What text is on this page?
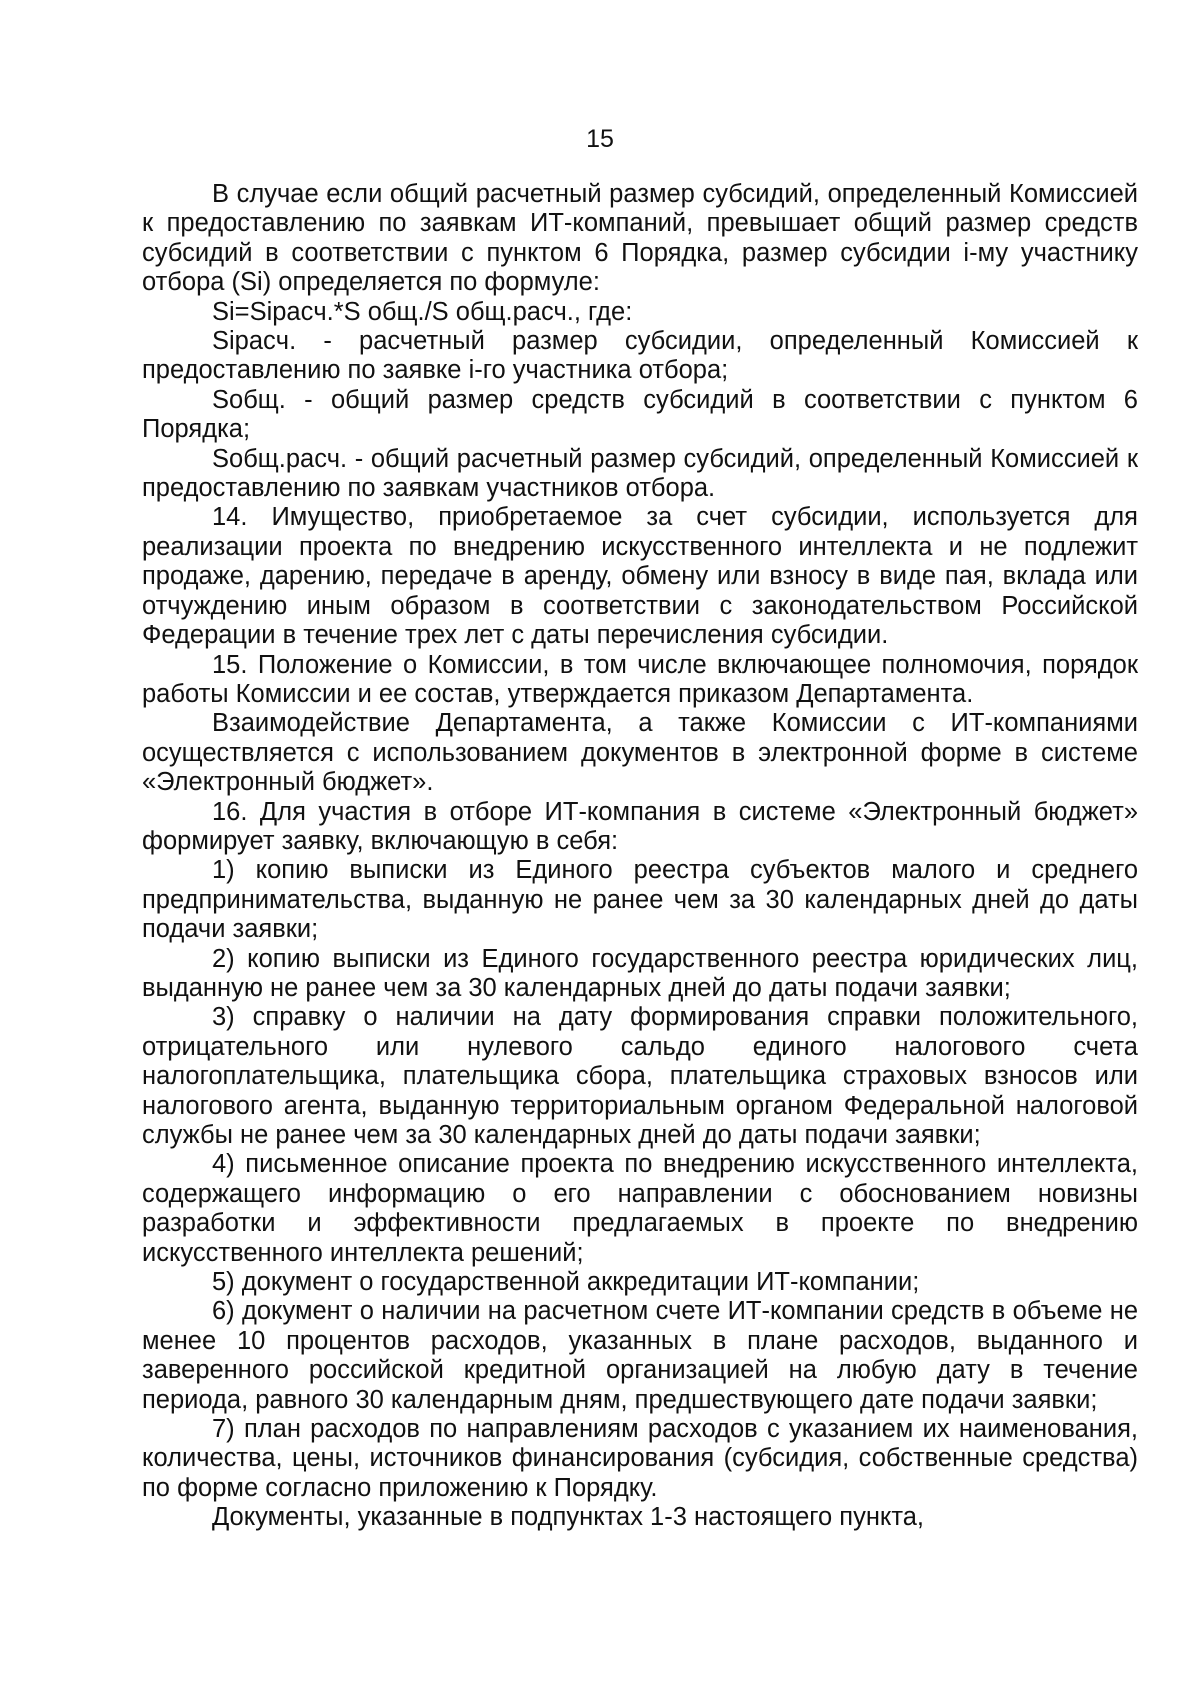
15

В случае если общий расчетный размер субсидий, определенный Комиссией к предоставлению по заявкам ИТ-компаний, превышает общий размер средств субсидий в соответствии с пунктом 6 Порядка, размер субсидии i-му участнику отбора (Si) определяется по формуле:

Si=Sipacч.*S общ./S общ.расч., где:

Sipacч. - расчетный размер субсидии, определенный Комиссией к предоставлению по заявке i-го участника отбора;

Sобщ. - общий размер средств субсидий в соответствии с пунктом 6 Порядка;

Sобщ.расч. - общий расчетный размер субсидий, определенный Комиссией к предоставлению по заявкам участников отбора.

14. Имущество, приобретаемое за счет субсидии, используется для реализации проекта по внедрению искусственного интеллекта и не подлежит продаже, дарению, передаче в аренду, обмену или взносу в виде пая, вклада или отчуждению иным образом в соответствии с законодательством Российской Федерации в течение трех лет с даты перечисления субсидии.

15. Положение о Комиссии, в том числе включающее полномочия, порядок работы Комиссии и ее состав, утверждается приказом Департамента.

Взаимодействие Департамента, а также Комиссии с ИТ-компаниями осуществляется с использованием документов в электронной форме в системе «Электронный бюджет».

16. Для участия в отборе ИТ-компания в системе «Электронный бюджет» формирует заявку, включающую в себя:

1) копию выписки из Единого реестра субъектов малого и среднего предпринимательства, выданную не ранее чем за 30 календарных дней до даты подачи заявки;

2) копию выписки из Единого государственного реестра юридических лиц, выданную не ранее чем за 30 календарных дней до даты подачи заявки;

3) справку о наличии на дату формирования справки положительного, отрицательного или нулевого сальдо единого налогового счета налогоплательщика, плательщика сбора, плательщика страховых взносов или налогового агента, выданную территориальным органом Федеральной налоговой службы не ранее чем за 30 календарных дней до даты подачи заявки;

4) письменное описание проекта по внедрению искусственного интеллекта, содержащего информацию о его направлении с обоснованием новизны разработки и эффективности предлагаемых в проекте по внедрению искусственного интеллекта решений;

5) документ о государственной аккредитации ИТ-компании;

6) документ о наличии на расчетном счете ИТ-компании средств в объеме не менее 10 процентов расходов, указанных в плане расходов, выданного и заверенного российской кредитной организацией на любую дату в течение периода, равного 30 календарным дням, предшествующего дате подачи заявки;

7) план расходов по направлениям расходов с указанием их наименования, количества, цены, источников финансирования (субсидия, собственные средства) по форме согласно приложению к Порядку.

Документы, указанные в подпунктах 1-3 настоящего пункта,
